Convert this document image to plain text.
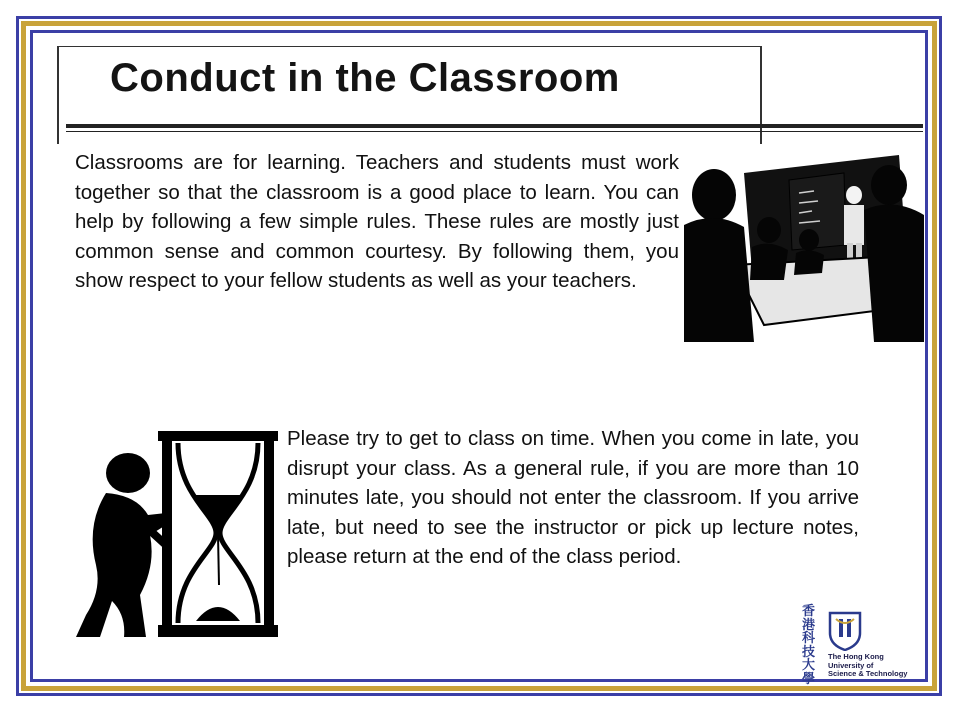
Conduct in the Classroom

Classrooms are for learning. Teachers and students must work together so that the classroom is a good place to learn. You can help by following a few simple rules. These rules are mostly just common sense and common courtesy. By following them, you show respect to your fellow students as well as your teachers.

Please try to get to class on time. When you come in late, you disrupt your class. As a general rule, if you are more than 10 minutes late, you should not enter the classroom. If you arrive late, but need to see the instructor or pick up lecture notes, please return at the end of the class period.

香
港
科
技
大
學
The Hong Kong
University of
Science & Technology
